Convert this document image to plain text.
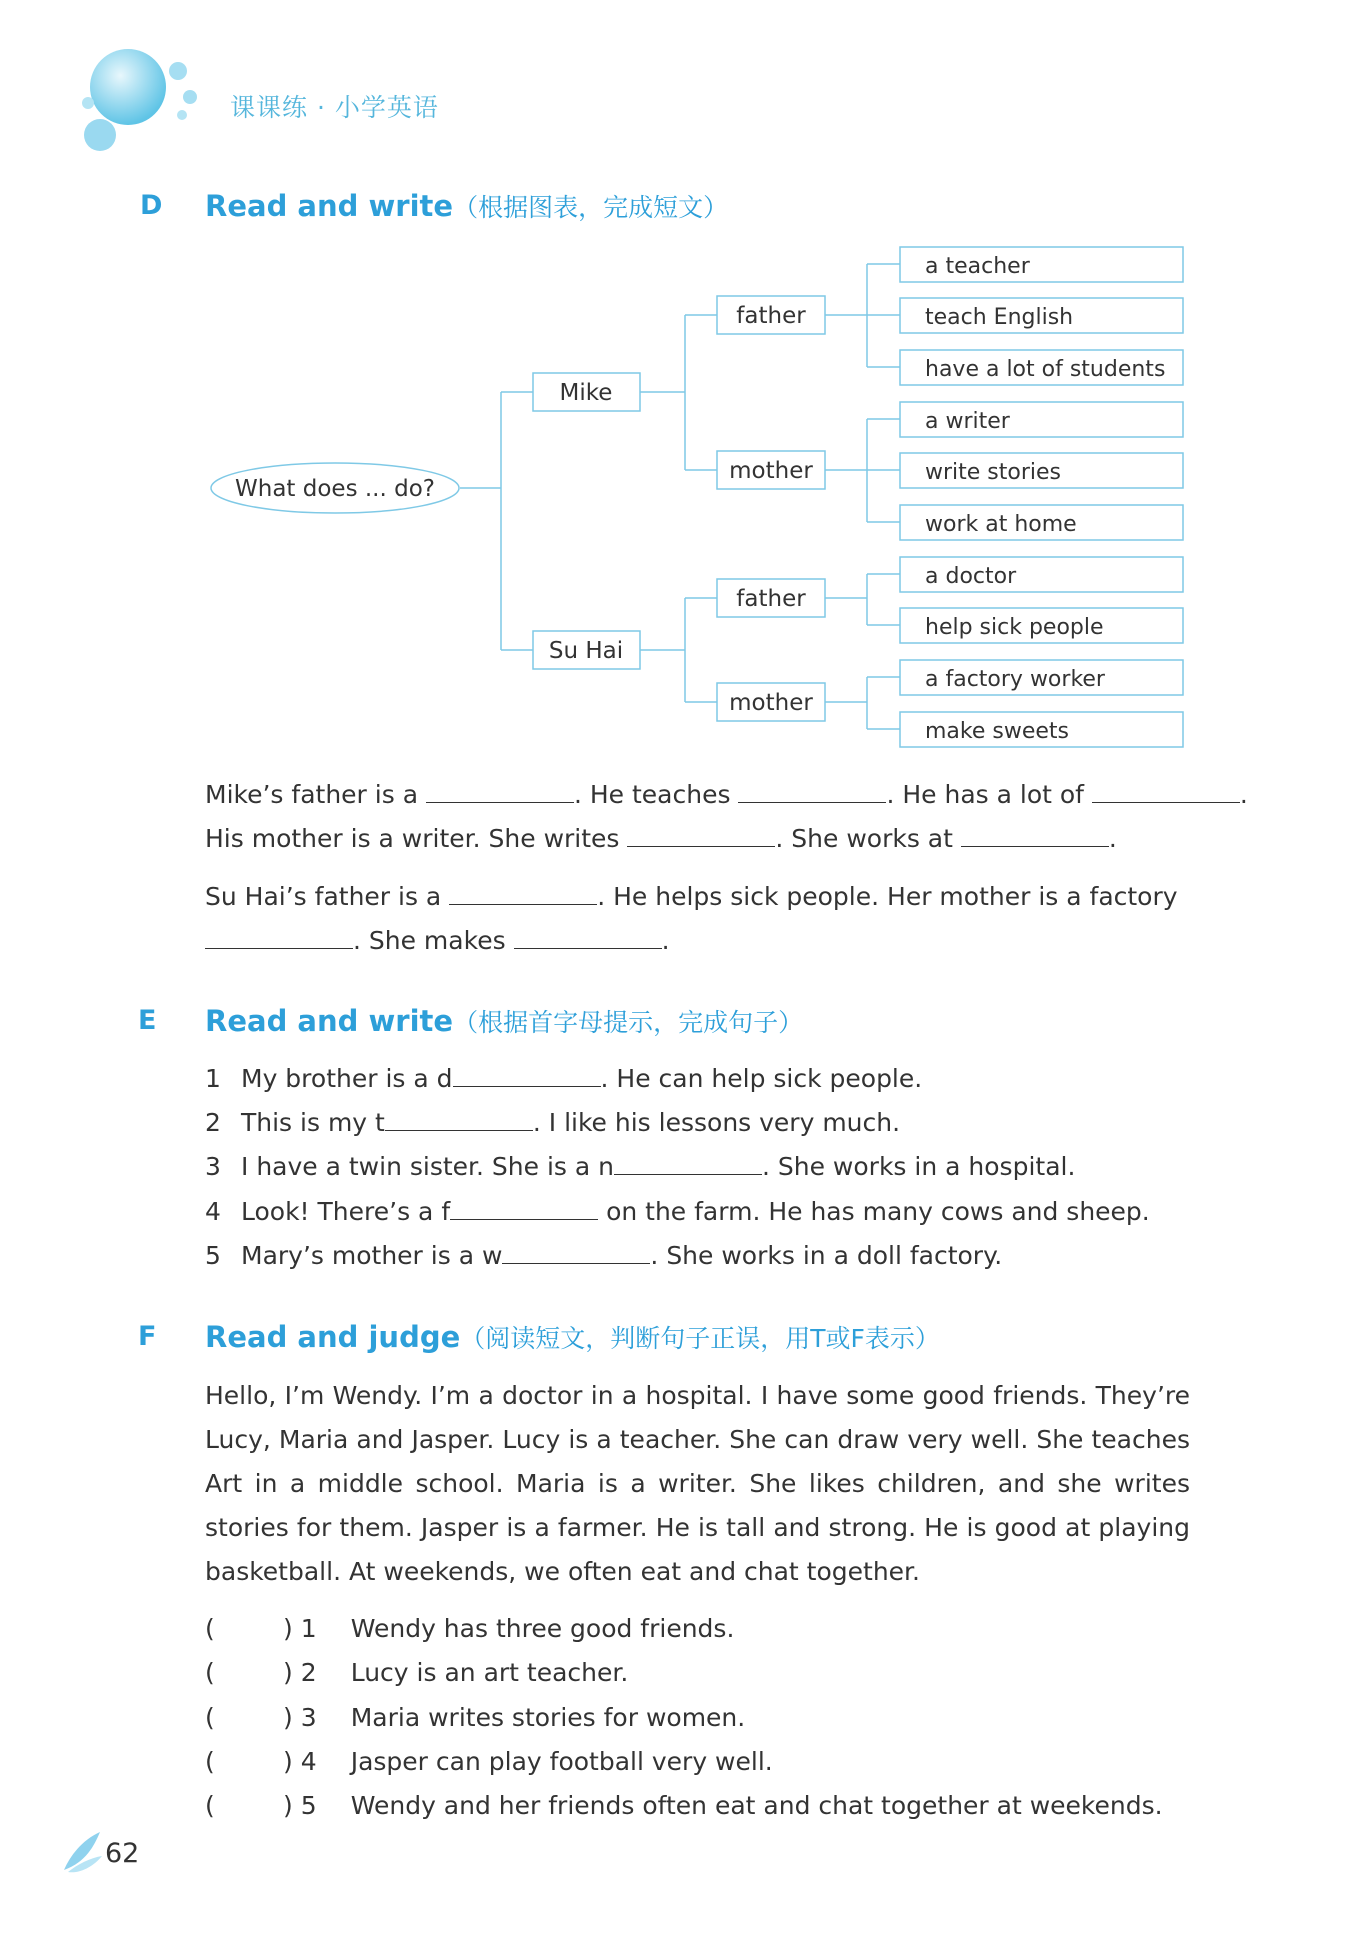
课课练 · 小学英语
D Read and write（根据图表，完成短文）
What does ... do?
Mike
Su Hai
father
mother
father
mother
a teacher
teach English
have a lot of students
a writer
write stories
work at home
a doctor
help sick people
a factory worker
make sweets
Mike’s father is a	. He teaches	. He has a lot of	.
His mother is a writer. She writes	. She works at	.
Su Hai’s father is a	. He helps sick people. Her mother is a factory
. She makes	.
E Read and write（根据首字母提示，完成句子）
1 My brother is a d	. He can help sick people.
2 This is my t	. I like his lessons very much.
3 I have a twin sister. She is a n	. She works in a hospital.
4 Look! There’s a f	on the farm. He has many cows and sheep.
5 Mary’s mother is a w	. She works in a doll factory.
F Read and judge（阅读短文，判断句子正误，用T或F表示）
Hello, I’m Wendy. I’m a doctor in a hospital. I have some good friends. They’re Lucy, Maria and Jasper. Lucy is a teacher. She can draw very well. She teaches Art in a middle school. Maria is a writer. She likes children, and she writes stories for them. Jasper is a farmer. He is tall and strong. He is good at playing basketball. At weekends, we often eat and chat together.
(	) 1 Wendy has three good friends.
(	) 2 Lucy is an art teacher.
(	) 3 Maria writes stories for women.
(	) 4 Jasper can play football very well.
(	) 5 Wendy and her friends often eat and chat together at weekends.
62
